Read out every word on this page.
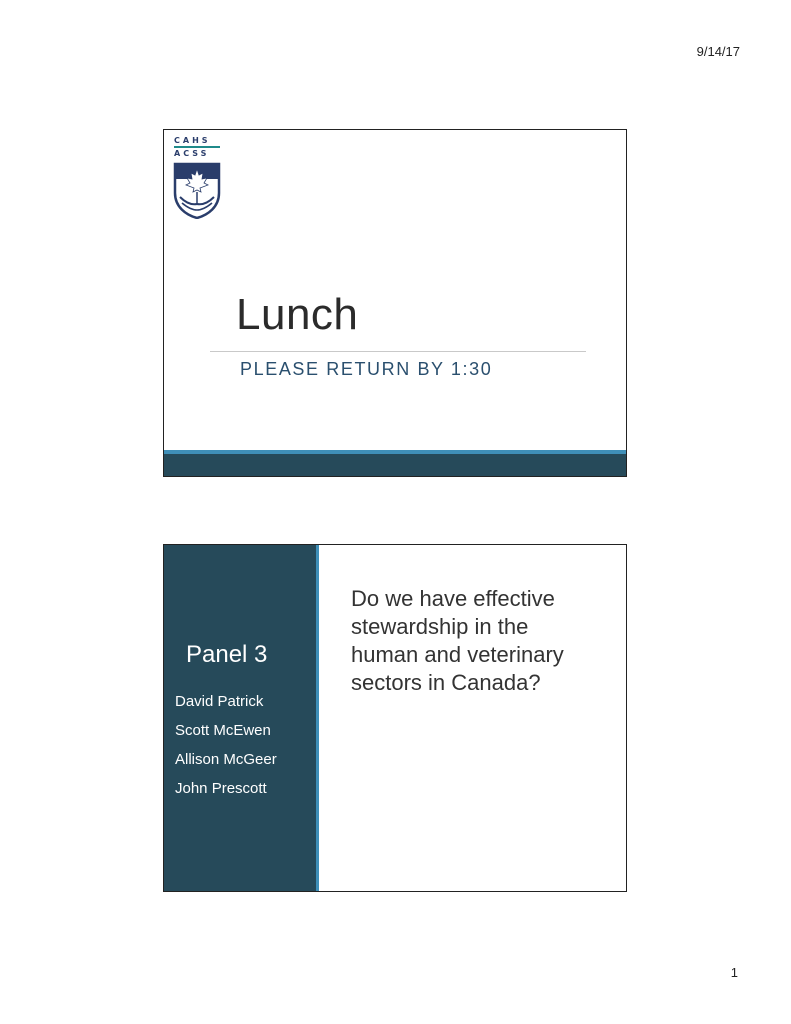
9/14/17
CAHS
ACSS
Lunch
PLEASE RETURN BY 1:30
Panel 3
David Patrick
Scott McEwen
Allison McGeer
John Prescott

Do we have effective stewardship in the human and veterinary sectors in Canada?

1
